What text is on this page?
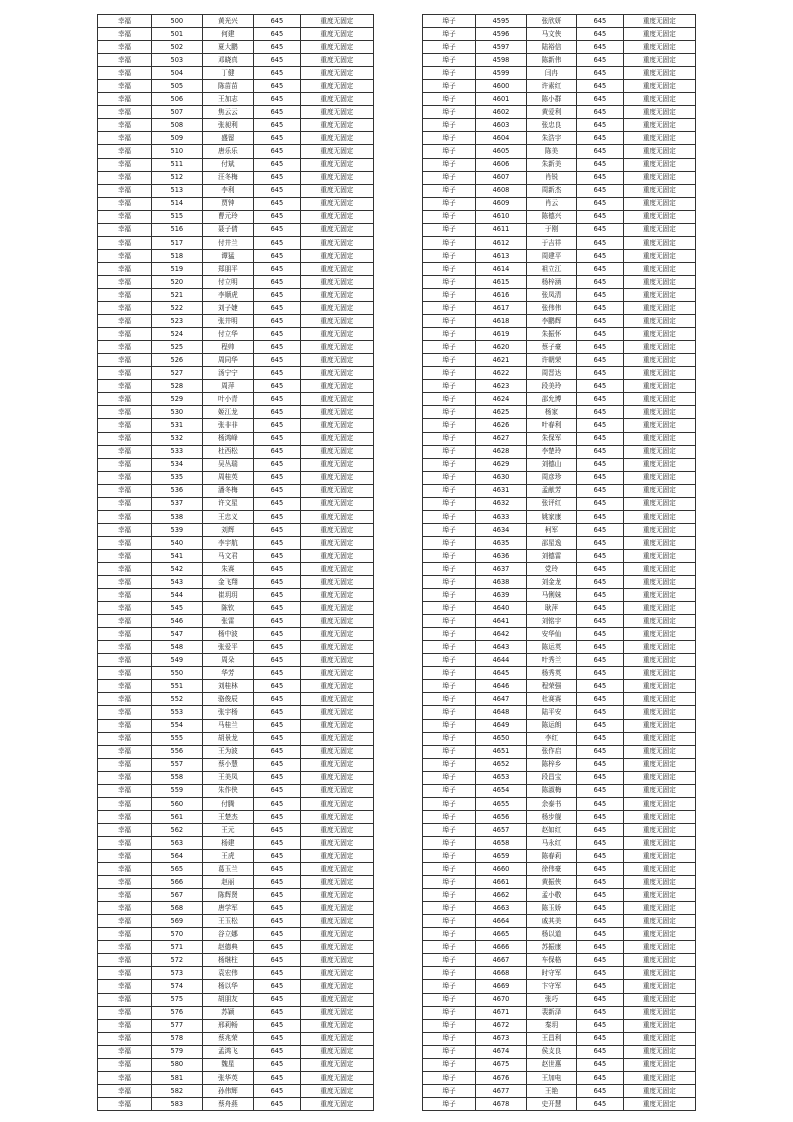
幸福	500	黄光兴	645	重度无固定
幸福	501	何建	645	重度无固定
幸福	502	夏大鹏	645	重度无固定
幸福	503	邓晓真	645	重度无固定
幸福	504	丁健	645	重度无固定
幸福	505	陈苗苗	645	重度无固定
幸福	506	王加志	645	重度无固定
幸福	507	焦云云	645	重度无固定
幸福	508	张昶利	645	重度无固定
幸福	509	盛留	645	重度无固定
幸福	510	唐乐乐	645	重度无固定
幸福	511	付斌	645	重度无固定
幸福	512	汪冬梅	645	重度无固定
幸福	513	李利	645	重度无固定
幸福	514	贾钟	645	重度无固定
幸福	515	曹元玲	645	重度无固定
幸福	516	聂子倩	645	重度无固定
幸福	517	付井兰	645	重度无固定
幸福	518	谭猛	645	重度无固定
幸福	519	郑朋平	645	重度无固定
幸福	520	付立明	645	重度无固定
幸福	521	李顺虎	645	重度无固定
幸福	522	刘子婕	645	重度无固定
幸福	523	张井明	645	重度无固定
幸福	524	付立华	645	重度无固定
幸福	525	程帅	645	重度无固定
幸福	526	周同华	645	重度无固定
幸福	527	汤宁宁	645	重度无固定
幸福	528	周萍	645	重度无固定
幸福	529	叶小青	645	重度无固定
幸福	530	姬江龙	645	重度无固定
幸福	531	张非非	645	重度无固定
幸福	532	杨鸿峰	645	重度无固定
幸福	533	杜西松	645	重度无固定
幸福	534	吴丛瑞	645	重度无固定
幸福	535	周桂英	645	重度无固定
幸福	536	潘冬梅	645	重度无固定
幸福	537	许文星	645	重度无固定
幸福	538	王忠义	645	重度无固定
幸福	539	刘辉	645	重度无固定
幸福	540	李宇航	645	重度无固定
幸福	541	马文君	645	重度无固定
幸福	542	朱赛	645	重度无固定
幸福	543	金飞翔	645	重度无固定
幸福	544	崔玥玥	645	重度无固定
幸福	545	陈钦	645	重度无固定
幸福	546	张雷	645	重度无固定
幸福	547	杨中波	645	重度无固定
幸福	548	张爱平	645	重度无固定
幸福	549	周朵	645	重度无固定
幸福	550	华芳	645	重度无固定
幸福	551	刘桂林	645	重度无固定
幸福	552	骆俊辰	645	重度无固定
幸福	553	张宇杨	645	重度无固定
幸福	554	马桂兰	645	重度无固定
幸福	555	胡景龙	645	重度无固定
幸福	556	王为波	645	重度无固定
幸福	557	蔡小慧	645	重度无固定
幸福	558	王美凤	645	重度无固定
幸福	559	朱作侠	645	重度无固定
幸福	560	付腾	645	重度无固定
幸福	561	王楚杰	645	重度无固定
幸福	562	王元	645	重度无固定
幸福	563	杨建	645	重度无固定
幸福	564	王虎	645	重度无固定
幸福	565	葛玉兰	645	重度无固定
幸福	566	赵丽	645	重度无固定
幸福	567	陈辉贤	645	重度无固定
幸福	568	唐学军	645	重度无固定
幸福	569	王玉松	645	重度无固定
幸福	570	谷立娜	645	重度无固定
幸福	571	赵德典	645	重度无固定
幸福	572	杨继柱	645	重度无固定
幸福	573	袁宏伟	645	重度无固定
幸福	574	杨以华	645	重度无固定
幸福	575	胡朋友	645	重度无固定
幸福	576	苏颖	645	重度无固定
幸福	577	邢莉畅	645	重度无固定
幸福	578	蔡兆荣	645	重度无固定
幸福	579	孟鸿飞	645	重度无固定
幸福	580	魏星	645	重度无固定
幸福	581	张华英	645	重度无固定
幸福	582	孙伟辉	645	重度无固定
幸福	583	蔡舟燕	645	重度无固定
埠子	4595	张欣妍	645	重度无固定
埠子	4596	马文侠	645	重度无固定
埠子	4597	陆裕信	645	重度无固定
埠子	4598	陈新伟	645	重度无固定
埠子	4599	闫冉	645	重度无固定
埠子	4600	许素红	645	重度无固定
埠子	4601	陈小群	645	重度无固定
埠子	4602	黄爱利	645	重度无固定
埠子	4603	张忠良	645	重度无固定
埠子	4604	朱浩宇	645	重度无固定
埠子	4605	陈美	645	重度无固定
埠子	4606	朱新美	645	重度无固定
埠子	4607	肖锐	645	重度无固定
埠子	4608	周新杰	645	重度无固定
埠子	4609	肖云	645	重度无固定
埠子	4610	陈德兴	645	重度无固定
埠子	4611	于刚	645	重度无固定
埠子	4612	于吉祥	645	重度无固定
埠子	4613	周建平	645	重度无固定
埠子	4614	祖立江	645	重度无固定
埠子	4615	杨梓涵	645	重度无固定
埠子	4616	张凤清	645	重度无固定
埠子	4617	张伟伟	645	重度无固定
埠子	4618	李鹏辉	645	重度无固定
埠子	4619	朱振怀	645	重度无固定
埠子	4620	蔡子豪	645	重度无固定
埠子	4621	许朝荣	645	重度无固定
埠子	4622	周晋达	645	重度无固定
埠子	4623	段美玲	645	重度无固定
埠子	4624	邵允博	645	重度无固定
埠子	4625	杨家	645	重度无固定
埠子	4626	叶春利	645	重度无固定
埠子	4627	朱保军	645	重度无固定
埠子	4628	李楚玲	645	重度无固定
埠子	4629	刘德山	645	重度无固定
埠子	4630	周彦珍	645	重度无固定
埠子	4631	孟献芳	645	重度无固定
埠子	4632	张评红	645	重度无固定
埠子	4633	姚家康	645	重度无固定
埠子	4634	柯军	645	重度无固定
埠子	4635	邵星逸	645	重度无固定
埠子	4636	刘德雷	645	重度无固定
埠子	4637	党玲	645	重度无固定
埠子	4638	刘金龙	645	重度无固定
埠子	4639	马俐妹	645	重度无固定
埠子	4640	耿萍	645	重度无固定
埠子	4641	刘铭宇	645	重度无固定
埠子	4642	安华仙	645	重度无固定
埠子	4643	陈运英	645	重度无固定
埠子	4644	叶秀兰	645	重度无固定
埠子	4645	杨秀英	645	重度无固定
埠子	4646	程荣强	645	重度无固定
埠子	4647	杜赛赛	645	重度无固定
埠子	4648	陆平安	645	重度无固定
埠子	4649	陈运朗	645	重度无固定
埠子	4650	李红	645	重度无固定
埠子	4651	张作启	645	重度无固定
埠子	4652	陈梓乡	645	重度无固定
埠子	4653	段昌宝	645	重度无固定
埠子	4654	陈淑梅	645	重度无固定
埠子	4655	余泰书	645	重度无固定
埠子	4656	杨步舰	645	重度无固定
埠子	4657	赵如红	645	重度无固定
埠子	4658	马永红	645	重度无固定
埠子	4659	陈春莉	645	重度无固定
埠子	4660	徐伟豪	645	重度无固定
埠子	4661	黄振侠	645	重度无固定
埠子	4662	孟小敬	645	重度无固定
埠子	4663	陈玉娇	645	重度无固定
埠子	4664	戚其美	645	重度无固定
埠子	4665	杨以道	645	重度无固定
埠子	4666	苏振康	645	重度无固定
埠子	4667	车保格	645	重度无固定
埠子	4668	时守军	645	重度无固定
埠子	4669	卞守军	645	重度无固定
埠子	4670	张巧	645	重度无固定
埠子	4671	裴新泽	645	重度无固定
埠子	4672	秦玥	645	重度无固定
埠子	4673	王昌利	645	重度无固定
埠子	4674	侯支良	645	重度无固定
埠子	4675	赵世惠	645	重度无固定
埠子	4676	王加电	645	重度无固定
埠子	4677	王艳	645	重度无固定
埠子	4678	史开慧	645	重度无固定
